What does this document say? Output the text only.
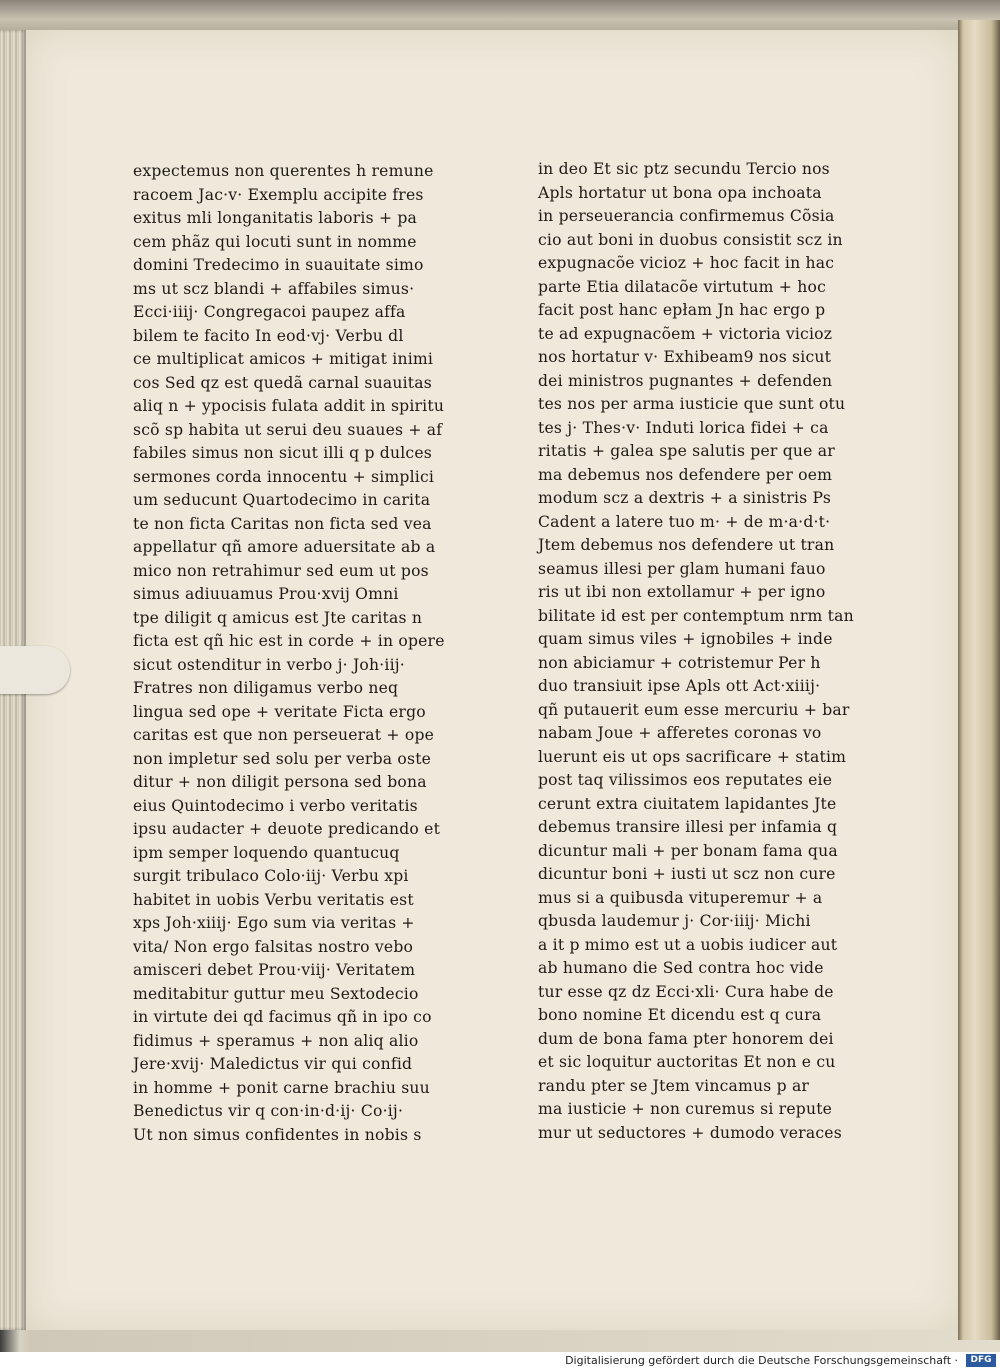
expectemus non querentes h remune
racoem Jac·v· Exemplu accipite fres
exitus mli longanitatis laboris + pa
cem phãz qui locuti sunt in nomme
domini Tredecimo in suauitate simo
ms ut scz blandi + affabiles simus·
Ecci·iiij· Congregacoi paupez affa
bilem te facito In eod·vj· Verbu dl
ce multiplicat amicos + mitigat inimi
cos Sed qz est quedã carnal suauitas
aliq n + ypocisis fulata addit in spiritu
scõ sp habita ut serui deu suaues + af
fabiles simus non sicut illi q p dulces
sermones corda innocentu + simplici
um seducunt Quartodecimo in carita
te non ficta Caritas non ficta sed vea
appellatur qñ amore aduersitate ab a
mico non retrahimur sed eum ut pos
simus adiuuamus Prou·xvij Omni
tpe diligit q amicus est Jte caritas n
ficta est qñ hic est in corde + in opere
sicut ostenditur in verbo j· Joh·iij·
Fratres non diligamus verbo neq
lingua sed ope + veritate Ficta ergo
caritas est que non perseuerat + ope
non impletur sed solu per verba oste
ditur + non diligit persona sed bona
eius Quintodecimo i verbo veritatis
ipsu audacter + deuote predicando et
ipm semper loquendo quantucuq
surgit tribulaco Colo·iij· Verbu xpi
habitet in uobis Verbu veritatis est
xps Joh·xiiij· Ego sum via veritas +
vita/ Non ergo falsitas nostro vebo
amisceri debet Prou·viij· Veritatem
meditabitur guttur meu Sextodecio
in virtute dei qd facimus qñ in ipo co
fidimus + speramus + non aliq alio
Jere·xvij· Maledictus vir qui confid
in homme + ponit carne brachiu suu
Benedictus vir q con·in·d·ij· Co·ij·
Ut non simus confidentes in nobis s
in deo Et sic ptz secundu Tercio nos
Apls hortatur ut bona opa inchoata
in perseuerancia confirmemus Cõsia
cio aut boni in duobus consistit scz in
expugnacõe vicioz + hoc facit in hac
parte Etia dilatacõe virtutum + hoc
facit post hanc epłam Jn hac ergo p
te ad expugnacõem + victoria vicioz
nos hortatur v· Exhibeam9 nos sicut
dei ministros pugnantes + defenden
tes nos per arma iusticie que sunt otu
tes j· Thes·v· Induti lorica fidei + ca
ritatis + galea spe salutis per que ar
ma debemus nos defendere per oem
modum scz a dextris + a sinistris Ps
Cadent a latere tuo m· + de m·a·d·t·
Jtem debemus nos defendere ut tran
seamus illesi per glam humani fauo
ris ut ibi non extollamur + per igno
bilitate id est per contemptum nrm tan
quam simus viles + ignobiles + inde
non abiciamur + cotristemur Per h
duo transiuit ipse Apls ott Act·xiiij·
qñ putauerit eum esse mercuriu + bar
nabam Joue + afferetes coronas vo
luerunt eis ut ops sacrificare + statim
post taq vilissimos eos reputates eie
cerunt extra ciuitatem lapidantes Jte
debemus transire illesi per infamia q
dicuntur mali + per bonam fama qua
dicuntur boni + iusti ut scz non cure
mus si a quibusda vituperemur + a
qbusda laudemur j· Cor·iiij· Michi
a it p mimo est ut a uobis iudicer aut
ab humano die Sed contra hoc vide
tur esse qz dz Ecci·xli· Cura habe de
bono nomine Et dicendu est q cura
dum de bona fama pter honorem dei
et sic loquitur auctoritas Et non e cu
randu pter se Jtem vincamus p ar
ma iusticie + non curemus si repute
mur ut seductores + dumodo veraces
Digitalisierung gefördert durch die Deutsche Forschungsgemeinschaft ·	DFG
